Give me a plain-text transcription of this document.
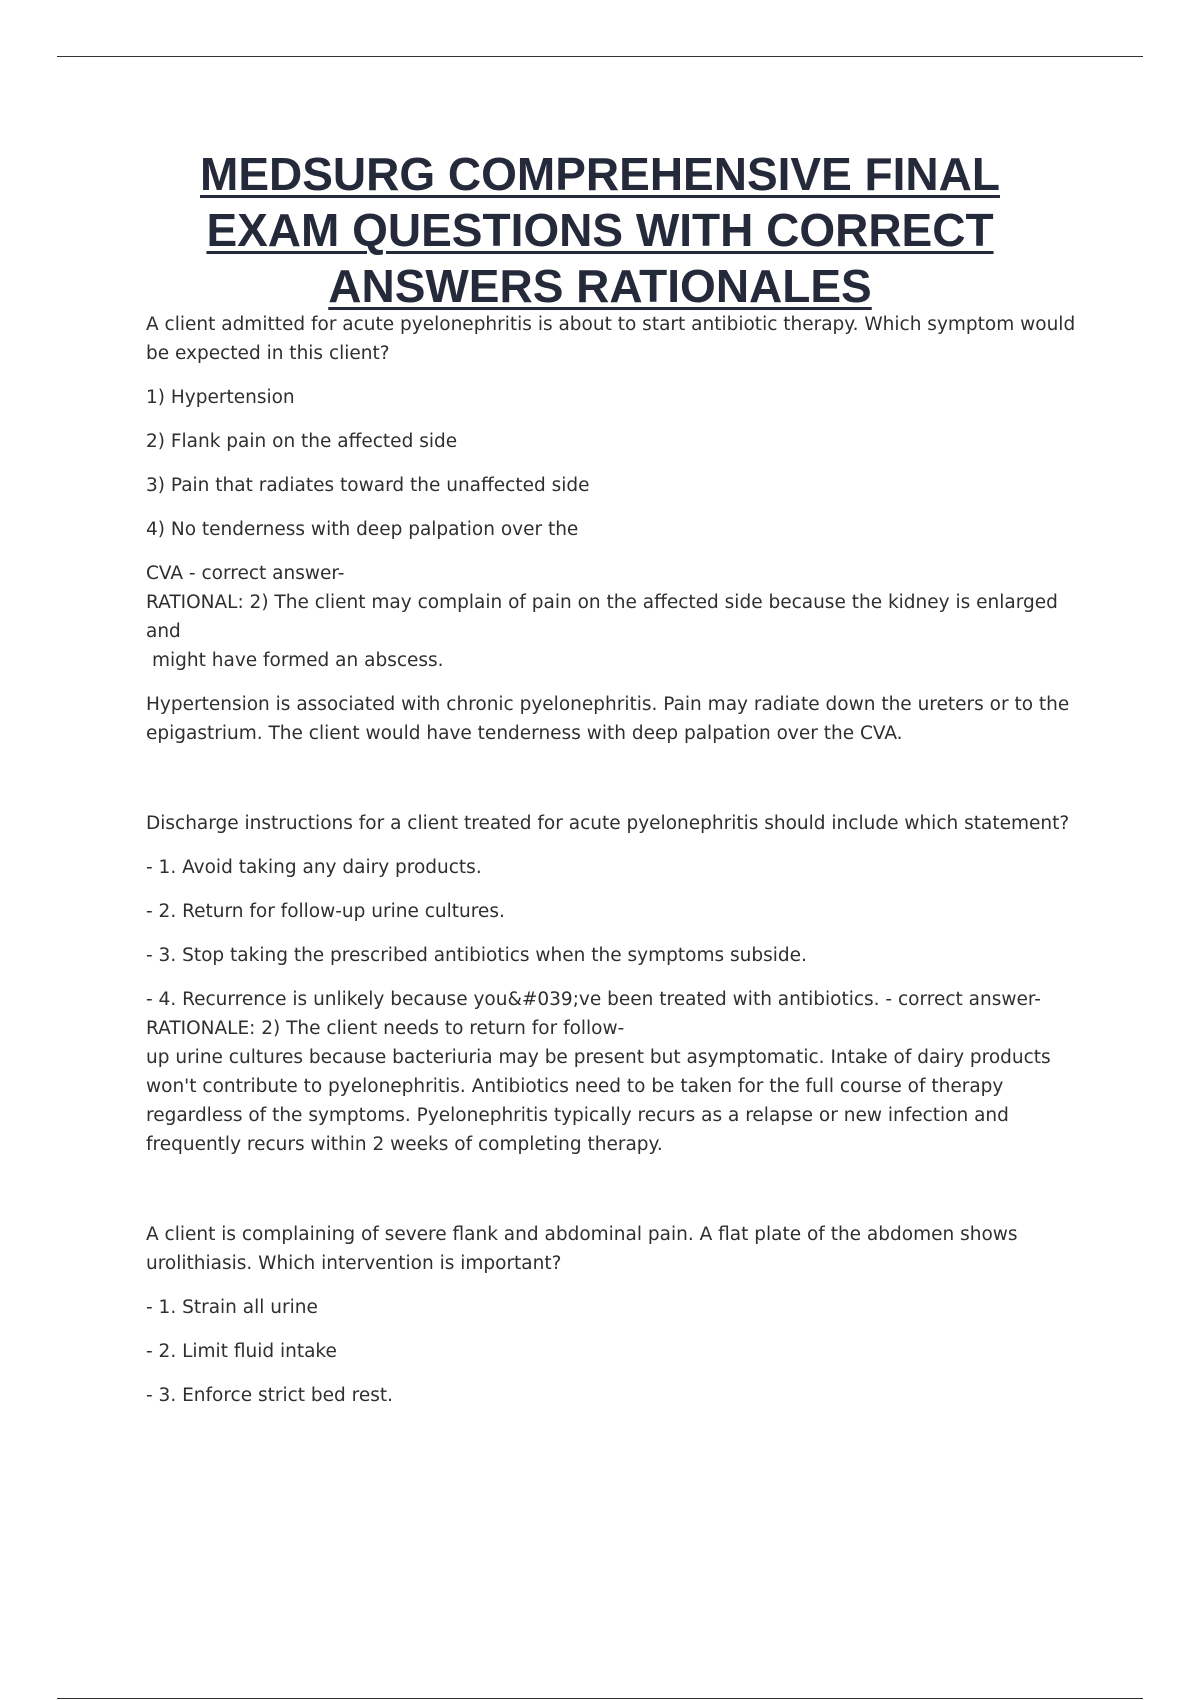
MEDSURG COMPREHENSIVE FINAL EXAM QUESTIONS WITH CORRECT ANSWERS RATIONALES

A client admitted for acute pyelonephritis is about to start antibiotic therapy. Which symptom would be expected in this client?

1) Hypertension

2) Flank pain on the affected side

3) Pain that radiates toward the unaffected side

4) No tenderness with deep palpation over the

CVA - correct answer-

RATIONAL: 2) The client may complain of pain on the affected side because the kidney is enlarged and

might have formed an abscess.

Hypertension is associated with chronic pyelonephritis. Pain may radiate down the ureters or to the epigastrium. The client would have tenderness with deep palpation over the CVA.

Discharge instructions for a client treated for acute pyelonephritis should include which statement?

- 1. Avoid taking any dairy products.

- 2. Return for follow-up urine cultures.

- 3. Stop taking the prescribed antibiotics when the symptoms subside.

- 4. Recurrence is unlikely because you&#039;ve been treated with antibiotics. - correct answer-

RATIONALE: 2) The client needs to return for follow-

up urine cultures because bacteriuria may be present but asymptomatic. Intake of dairy products won't contribute to pyelonephritis. Antibiotics need to be taken for the full course of therapy regardless of the symptoms. Pyelonephritis typically recurs as a relapse or new infection and frequently recurs within 2 weeks of completing therapy.

A client is complaining of severe flank and abdominal pain. A flat plate of the abdomen shows urolithiasis. Which intervention is important?

- 1. Strain all urine

- 2. Limit fluid intake

- 3. Enforce strict bed rest.
